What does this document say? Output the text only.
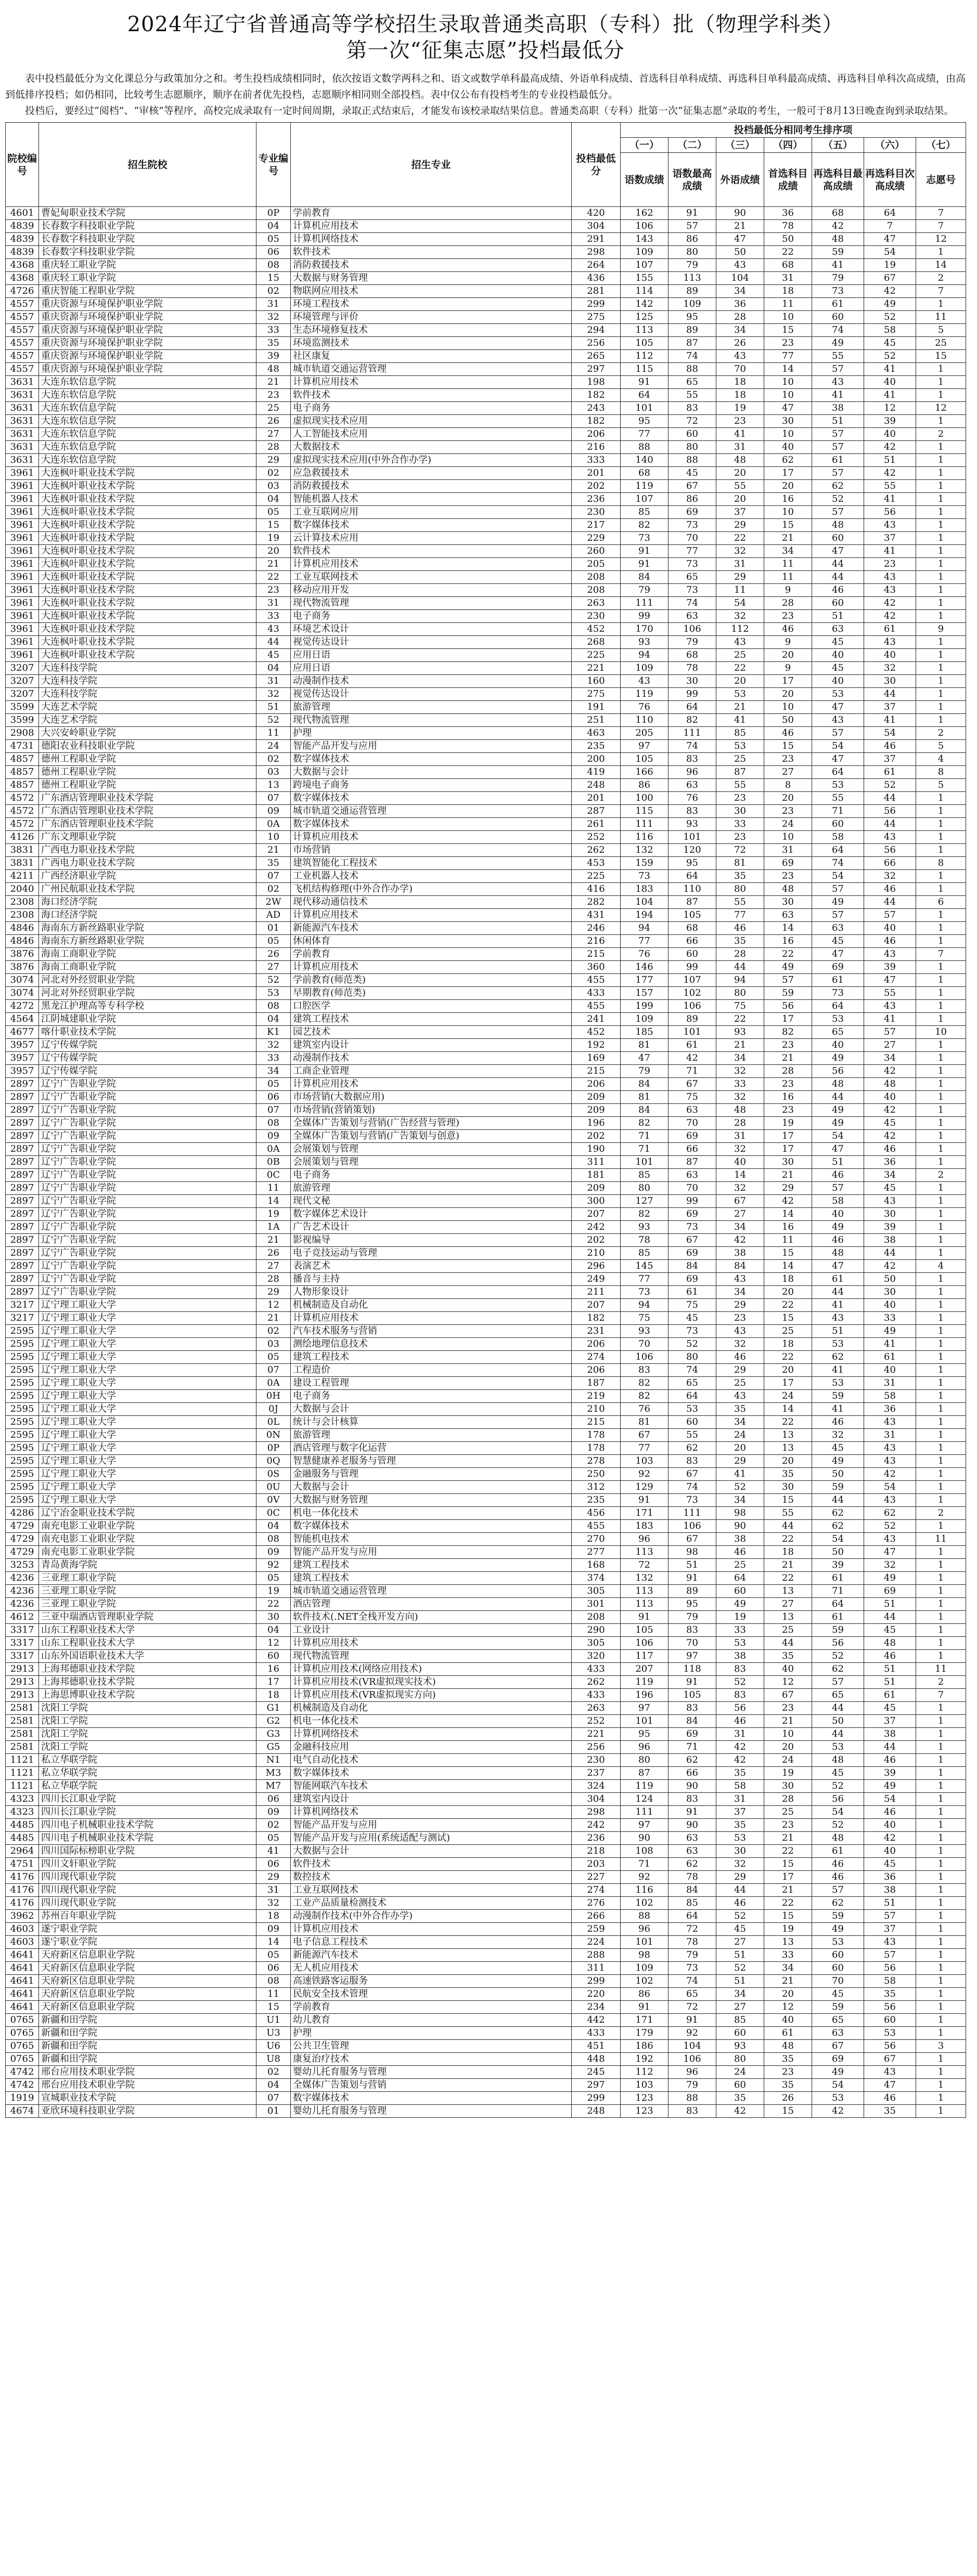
2024年辽宁省普通高等学校招生录取普通类高职（专科）批（物理学科类）
第一次“征集志愿”投档最低分

表中投档最低分为文化课总分与政策加分之和。考生投档成绩相同时，依次按语文数学两科之和、语文或数学单科最高成绩、外语单科成绩、首选科目单科成绩、再选科目单科最高成绩、再选科目单科次高成绩，由高到低排序投档；如仍相同，比较考生志愿顺序，顺序在前者优先投档，志愿顺序相同则全部投档。表中仅公布有投档考生的专业投档最低分。

投档后，要经过“阅档”、“审核”等程序，高校完成录取有一定时间周期，录取正式结束后，才能发布该校录取结果信息。普通类高职（专科）批第一次“征集志愿”录取的考生，一般可于8月13日晚查询到录取结果。

院校编号	招生院校	专业编号	招生专业	投档最低分	投档最低分相同考生排序项						
					（一）	（二）	（三）	（四）	（五）	（六）	（七）
					语数成绩	语数最高成绩	外语成绩	首选科目成绩	再选科目最高成绩	再选科目次高成绩	志愿号
4601	曹妃甸职业技术学院	0P	学前教育	420	162	91	90	36	68	64	7
4839	长春数字科技职业学院	04	计算机应用技术	304	106	57	21	78	42	7	7
4839	长春数字科技职业学院	05	计算机网络技术	291	143	86	47	50	48	47	12
4839	长春数字科技职业学院	06	软件技术	298	109	80	50	22	59	54	1
4368	重庆轻工职业学院	08	消防救援技术	264	107	79	43	68	41	19	14
4368	重庆轻工职业学院	15	大数据与财务管理	436	155	113	104	31	79	67	2
4726	重庆智能工程职业学院	02	物联网应用技术	281	114	89	34	18	73	42	7
4557	重庆资源与环境保护职业学院	31	环境工程技术	299	142	109	36	11	61	49	1
4557	重庆资源与环境保护职业学院	32	环境管理与评价	275	125	95	28	10	60	52	11
4557	重庆资源与环境保护职业学院	33	生态环境修复技术	294	113	89	34	15	74	58	5
4557	重庆资源与环境保护职业学院	35	环境监测技术	256	105	87	26	23	49	45	25
4557	重庆资源与环境保护职业学院	39	社区康复	265	112	74	43	77	55	52	15
4557	重庆资源与环境保护职业学院	48	城市轨道交通运营管理	297	115	88	70	14	57	41	1
3631	大连东软信息学院	21	计算机应用技术	198	91	65	18	10	43	40	1
3631	大连东软信息学院	23	软件技术	182	64	55	18	10	41	41	1
3631	大连东软信息学院	25	电子商务	243	101	83	19	47	38	12	12
3631	大连东软信息学院	26	虚拟现实技术应用	182	95	72	23	30	51	39	1
3631	大连东软信息学院	27	人工智能技术应用	206	77	60	41	10	57	40	2
3631	大连东软信息学院	28	大数据技术	216	88	80	31	40	57	42	1
3631	大连东软信息学院	29	虚拟现实技术应用(中外合作办学)	333	140	88	48	62	61	51	1
3961	大连枫叶职业技术学院	02	应急救援技术	201	68	45	20	17	57	42	1
3961	大连枫叶职业技术学院	03	消防救援技术	202	119	67	55	20	62	55	1
3961	大连枫叶职业技术学院	04	智能机器人技术	236	107	86	20	16	52	41	1
3961	大连枫叶职业技术学院	05	工业互联网应用	230	85	69	37	10	57	56	1
3961	大连枫叶职业技术学院	15	数字媒体技术	217	82	73	29	15	48	43	1
3961	大连枫叶职业技术学院	19	云计算技术应用	229	73	70	22	21	60	37	1
3961	大连枫叶职业技术学院	20	软件技术	260	91	77	32	34	47	41	1
3961	大连枫叶职业技术学院	21	计算机应用技术	205	91	73	31	11	44	23	1
3961	大连枫叶职业技术学院	22	工业互联网技术	208	84	65	29	11	44	43	1
3961	大连枫叶职业技术学院	23	移动应用开发	208	79	73	11	9	46	43	1
3961	大连枫叶职业技术学院	31	现代物流管理	263	111	74	54	28	60	42	1
3961	大连枫叶职业技术学院	33	电子商务	230	99	63	32	23	51	42	1
3961	大连枫叶职业技术学院	43	环境艺术设计	452	170	106	112	46	63	61	9
3961	大连枫叶职业技术学院	44	视觉传达设计	268	93	79	43	9	45	43	1
3961	大连枫叶职业技术学院	45	应用日语	225	94	68	25	20	40	40	1
3207	大连科技学院	04	应用日语	221	109	78	22	9	45	32	1
3207	大连科技学院	31	动漫制作技术	160	43	30	20	17	40	30	1
3207	大连科技学院	32	视觉传达设计	275	119	99	53	20	53	44	1
3599	大连艺术学院	51	旅游管理	191	76	64	21	10	47	37	1
3599	大连艺术学院	52	现代物流管理	251	110	82	41	50	43	41	1
2908	大兴安岭职业学院	11	护理	463	205	111	85	46	57	54	2
4731	德阳农业科技职业学院	24	智能产品开发与应用	235	97	74	53	15	54	46	5
4857	德州工程职业学院	02	数字媒体技术	200	105	83	25	23	47	37	4
4857	德州工程职业学院	03	大数据与会计	419	166	96	87	27	64	61	8
4857	德州工程职业学院	13	跨境电子商务	248	86	63	55	8	53	52	5
4572	广东酒店管理职业技术学院	07	数字媒体技术	201	100	76	23	20	55	44	1
4572	广东酒店管理职业技术学院	09	城市轨道交通运营管理	287	115	83	30	23	71	56	1
4572	广东酒店管理职业技术学院	0A	数字媒体技术	261	111	93	33	24	60	44	1
4126	广东文理职业学院	10	计算机应用技术	252	116	101	23	10	58	43	1
3831	广西电力职业技术学院	21	市场营销	262	132	120	72	31	64	56	1
3831	广西电力职业技术学院	35	建筑智能化工程技术	453	159	95	81	69	74	66	8
4211	广西经济职业学院	07	工业机器人技术	225	73	64	35	23	54	32	1
2040	广州民航职业技术学院	02	飞机结构修理(中外合作办学)	416	183	110	80	48	57	46	1
2308	海口经济学院	2W	现代移动通信技术	282	104	87	55	30	49	44	6
2308	海口经济学院	AD	计算机应用技术	431	194	105	77	63	57	57	1
4846	海南东方新丝路职业学院	01	新能源汽车技术	246	94	68	46	14	63	40	1
4846	海南东方新丝路职业学院	05	休闲体育	216	77	66	35	16	45	46	1
3876	海南工商职业学院	26	学前教育	215	76	60	28	22	47	43	7
3876	海南工商职业学院	27	计算机应用技术	360	146	99	44	49	69	39	1
3074	河北对外经贸职业学院	52	学前教育(师范类)	455	177	107	94	57	61	47	1
3074	河北对外经贸职业学院	53	早期教育(师范类)	433	157	102	80	59	73	55	1
4272	黑龙江护理高等专科学校	08	口腔医学	455	199	106	75	56	64	43	1
4564	江阴城建职业学院	04	建筑工程技术	241	109	89	22	17	53	41	1
4677	喀什职业技术学院	K1	园艺技术	452	185	101	93	82	65	57	10
3957	辽宁传媒学院	32	建筑室内设计	192	81	61	21	23	40	27	1
3957	辽宁传媒学院	33	动漫制作技术	169	47	42	34	21	49	34	1
3957	辽宁传媒学院	34	工商企业管理	215	79	71	32	28	56	42	1
2897	辽宁广告职业学院	05	计算机应用技术	206	84	67	33	23	48	48	1
2897	辽宁广告职业学院	06	市场营销(大数据应用)	209	81	75	32	16	44	40	1
2897	辽宁广告职业学院	07	市场营销(营销策划)	209	84	63	48	23	49	42	1
2897	辽宁广告职业学院	08	全媒体广告策划与营销(广告经营与管理)	196	82	70	28	19	49	45	1
2897	辽宁广告职业学院	09	全媒体广告策划与营销(广告策划与创意)	202	71	69	31	17	54	42	1
2897	辽宁广告职业学院	0A	会展策划与管理	190	71	66	32	17	47	46	1
2897	辽宁广告职业学院	0B	会展策划与管理	311	101	87	40	30	51	36	1
2897	辽宁广告职业学院	0C	电子商务	181	85	63	14	21	46	34	2
2897	辽宁广告职业学院	11	旅游管理	209	80	70	32	29	57	45	1
2897	辽宁广告职业学院	14	现代文秘	300	127	99	67	42	58	43	1
2897	辽宁广告职业学院	19	数字媒体艺术设计	207	82	69	27	14	40	30	1
2897	辽宁广告职业学院	1A	广告艺术设计	242	93	73	34	16	49	39	1
2897	辽宁广告职业学院	21	影视编导	202	78	67	42	11	46	38	1
2897	辽宁广告职业学院	26	电子竞技运动与管理	210	85	69	38	15	48	44	1
2897	辽宁广告职业学院	27	表演艺术	296	145	84	84	14	47	42	4
2897	辽宁广告职业学院	28	播音与主持	249	77	69	43	18	61	50	1
2897	辽宁广告职业学院	29	人物形象设计	211	73	61	34	20	44	30	1
3217	辽宁理工职业大学	12	机械制造及自动化	207	94	75	29	22	41	40	1
3217	辽宁理工职业大学	21	计算机应用技术	182	75	45	23	15	43	33	1
2595	辽宁理工职业大学	02	汽车技术服务与营销	231	93	73	43	25	51	49	1
2595	辽宁理工职业大学	03	测绘地理信息技术	206	70	52	32	18	53	41	1
2595	辽宁理工职业大学	05	建筑工程技术	274	106	80	46	22	62	61	1
2595	辽宁理工职业大学	07	工程造价	206	83	74	29	20	41	40	1
2595	辽宁理工职业大学	0A	建设工程管理	187	82	65	25	17	53	31	1
2595	辽宁理工职业大学	0H	电子商务	219	82	64	43	24	59	58	1
2595	辽宁理工职业大学	0J	大数据与会计	210	76	53	35	14	41	36	1
2595	辽宁理工职业大学	0L	统计与会计核算	215	81	60	34	22	46	43	1
2595	辽宁理工职业大学	0N	旅游管理	178	67	55	24	13	32	31	1
2595	辽宁理工职业大学	0P	酒店管理与数字化运营	178	77	62	20	13	45	43	1
2595	辽宁理工职业大学	0Q	智慧健康养老服务与管理	278	103	83	29	20	49	43	1
2595	辽宁理工职业大学	0S	金融服务与管理	250	92	67	41	35	50	42	1
2595	辽宁理工职业大学	0U	大数据与会计	312	129	74	52	30	59	54	1
2595	辽宁理工职业大学	0V	大数据与财务管理	235	91	73	34	15	44	43	1
4286	辽宁冶金职业技术学院	0C	机电一体化技术	456	171	111	98	55	62	62	2
4729	南充电影工业职业学院	04	数字媒体技术	455	183	106	90	44	62	52	1
4729	南充电影工业职业学院	08	智能机电技术	270	96	67	38	22	54	43	11
4729	南充电影工业职业学院	09	智能产品开发与应用	277	113	98	46	18	50	47	1
3253	青岛黄海学院	92	建筑工程技术	168	72	51	25	21	39	32	1
4236	三亚理工职业学院	05	建筑工程技术	374	132	91	64	22	61	49	1
4236	三亚理工职业学院	19	城市轨道交通运营管理	305	113	89	60	13	71	69	1
4236	三亚理工职业学院	22	酒店管理	301	113	95	49	27	64	51	1
4612	三亚中瑞酒店管理职业学院	30	软件技术(.NET全栈开发方向)	208	91	79	19	13	61	44	1
3317	山东工程职业技术大学	04	工业设计	290	105	83	33	25	59	45	1
3317	山东工程职业技术大学	12	计算机应用技术	305	106	70	53	44	56	48	1
3317	山东外国语职业技术大学	60	现代物流管理	320	117	97	38	35	52	46	1
2913	上海邦德职业技术学院	16	计算机应用技术(网络应用技术)	433	207	118	83	40	62	51	11
2913	上海邦德职业技术学院	17	计算机应用技术(VR虚拟现实技术)	262	119	91	52	12	57	51	2
2913	上海思博职业技术学院	18	计算机应用技术(VR虚拟现实方向)	433	196	105	83	67	65	61	7
2581	沈阳工学院	G1	机械制造及自动化	263	97	83	56	23	44	45	1
2581	沈阳工学院	G2	机电一体化技术	252	101	84	46	21	50	37	1
2581	沈阳工学院	G3	计算机网络技术	221	95	69	31	10	44	38	1
2581	沈阳工学院	G5	金融科技应用	256	96	71	42	20	53	44	1
1121	私立华联学院	N1	电气自动化技术	230	80	62	42	24	48	46	1
1121	私立华联学院	M3	数字媒体技术	237	87	66	35	19	45	39	1
1121	私立华联学院	M7	智能网联汽车技术	324	119	90	58	30	52	49	1
4323	四川长江职业学院	06	建筑室内设计	304	124	83	31	28	56	54	1
4323	四川长江职业学院	09	计算机网络技术	298	111	91	37	25	54	46	1
4485	四川电子机械职业技术学院	02	智能产品开发与应用	242	97	90	35	23	52	40	1
4485	四川电子机械职业技术学院	05	智能产品开发与应用(系统适配与测试)	236	90	63	53	21	48	42	1
2964	四川国际标榜职业学院	41	大数据与会计	218	108	63	30	22	61	40	1
4751	四川文轩职业学院	06	软件技术	203	71	62	32	15	46	45	1
4176	四川现代职业学院	29	数控技术	227	92	78	29	17	46	36	1
4176	四川现代职业学院	31	工业互联网技术	274	116	84	44	21	57	38	1
4176	四川现代职业学院	32	工业产品质量检测技术	276	102	85	46	22	62	51	1
3962	苏州百年职业学院	18	动漫制作技术(中外合作办学)	266	88	64	52	15	59	57	1
4603	遂宁职业学院	09	计算机应用技术	259	96	72	45	19	49	37	1
4603	遂宁职业学院	14	电子信息工程技术	224	101	78	27	13	53	43	1
4641	天府新区信息职业学院	05	新能源汽车技术	288	98	79	51	33	60	57	1
4641	天府新区信息职业学院	06	无人机应用技术	311	109	73	52	34	60	56	1
4641	天府新区信息职业学院	08	高速铁路客运服务	299	102	74	51	21	70	58	1
4641	天府新区信息职业学院	11	民航安全技术管理	220	86	65	34	20	45	35	1
4641	天府新区信息职业学院	15	学前教育	234	91	72	27	12	59	56	1
0765	新疆和田学院	U1	幼儿教育	442	171	91	85	40	65	60	1
0765	新疆和田学院	U3	护理	433	179	92	60	61	63	53	1
0765	新疆和田学院	U6	公共卫生管理	451	186	104	93	48	67	56	3
0765	新疆和田学院	U8	康复治疗技术	448	192	106	80	35	69	67	1
4742	邢台应用技术职业学院	02	婴幼儿托育服务与管理	245	112	96	24	23	49	43	1
4742	邢台应用技术职业学院	04	全媒体广告策划与营销	297	103	79	60	35	54	47	1
1919	宣城职业技术学院	07	数字媒体技术	299	123	88	35	26	53	46	1
4674	亚欣环境科技职业学院	01	婴幼儿托育服务与管理	248	123	83	42	15	42	35	1
